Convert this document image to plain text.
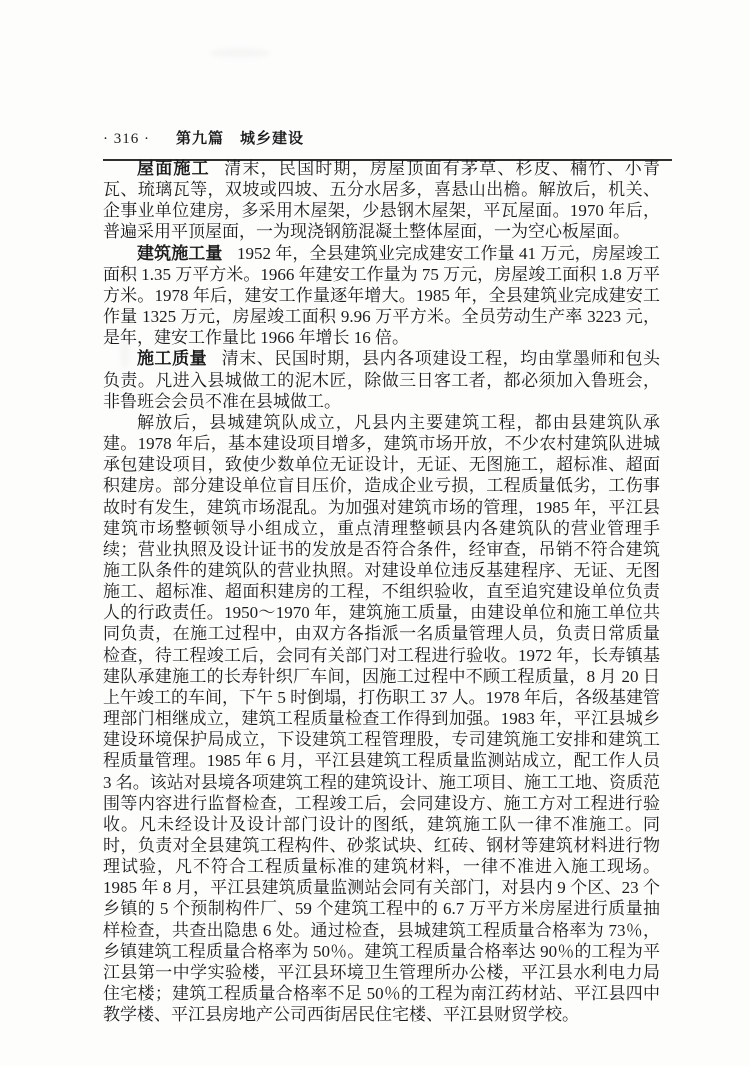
· 316 · 第九篇　城乡建设

屋面施工 清末，民国时期，房屋顶面有茅草、杉皮、楠竹、小青瓦、琉璃瓦等，双坡或四坡、五分水居多，喜悬山出檐。解放后，机关、企事业单位建房，多采用木屋架，少悬钢木屋架，平瓦屋面。1970 年后，普遍采用平顶屋面，一为现浇钢筋混凝土整体屋面，一为空心板屋面。

建筑施工量 1952 年，全县建筑业完成建安工作量 41 万元，房屋竣工面积 1.35 万平方米。1966 年建安工作量为 75 万元，房屋竣工面积 1.8 万平方米。1978 年后，建安工作量逐年增大。1985 年，全县建筑业完成建安工作量 1325 万元，房屋竣工面积 9.96 万平方米。全员劳动生产率 3223 元，是年，建安工作量比 1966 年增长 16 倍。

施工质量 清末、民国时期，县内各项建设工程，均由掌墨师和包头负责。凡进入县城做工的泥木匠，除做三日客工者，都必须加入鲁班会，非鲁班会会员不准在县城做工。

解放后，县城建筑队成立，凡县内主要建筑工程，都由县建筑队承建。1978 年后，基本建设项目增多，建筑市场开放，不少农村建筑队进城承包建设项目，致使少数单位无证设计，无证、无图施工，超标准、超面积建房。部分建设单位盲目压价，造成企业亏损，工程质量低劣，工伤事故时有发生，建筑市场混乱。为加强对建筑市场的管理，1985 年，平江县建筑市场整顿领导小组成立，重点清理整顿县内各建筑队的营业管理手续；营业执照及设计证书的发放是否符合条件，经审查，吊销不符合建筑施工队条件的建筑队的营业执照。对建设单位违反基建程序、无证、无图施工、超标准、超面积建房的工程，不组织验收，直至追究建设单位负责人的行政责任。1950～1970 年，建筑施工质量，由建设单位和施工单位共同负责，在施工过程中，由双方各指派一名质量管理人员，负责日常质量检查，待工程竣工后，会同有关部门对工程进行验收。1972 年，长寿镇基建队承建施工的长寿针织厂车间，因施工过程中不顾工程质量，8 月 20 日上午竣工的车间，下午 5 时倒塌，打伤职工 37 人。1978 年后，各级基建管理部门相继成立，建筑工程质量检查工作得到加强。1983 年，平江县城乡建设环境保护局成立，下设建筑工程管理股，专司建筑施工安排和建筑工程质量管理。1985 年 6 月，平江县建筑工程质量监测站成立，配工作人员 3 名。该站对县境各项建筑工程的建筑设计、施工项目、施工工地、资质范围等内容进行监督检查，工程竣工后，会同建设方、施工方对工程进行验收。凡未经设计及设计部门设计的图纸，建筑施工队一律不准施工。同时，负责对全县建筑工程构件、砂浆试块、红砖、钢材等建筑材料进行物理试验，凡不符合工程质量标准的建筑材料，一律不准进入施工现场。1985 年 8 月，平江县建筑质量监测站会同有关部门，对县内 9 个区、23 个乡镇的 5 个预制构件厂、59 个建筑工程中的 6.7 万平方米房屋进行质量抽样检查，共查出隐患 6 处。通过检查，县城建筑工程质量合格率为 73％，乡镇建筑工程质量合格率为 50％。建筑工程质量合格率达 90％的工程为平江县第一中学实验楼，平江县环境卫生管理所办公楼，平江县水利电力局住宅楼；建筑工程质量合格率不足 50％的工程为南江药材站、平江县四中教学楼、平江县房地产公司西街居民住宅楼、平江县财贸学校。
